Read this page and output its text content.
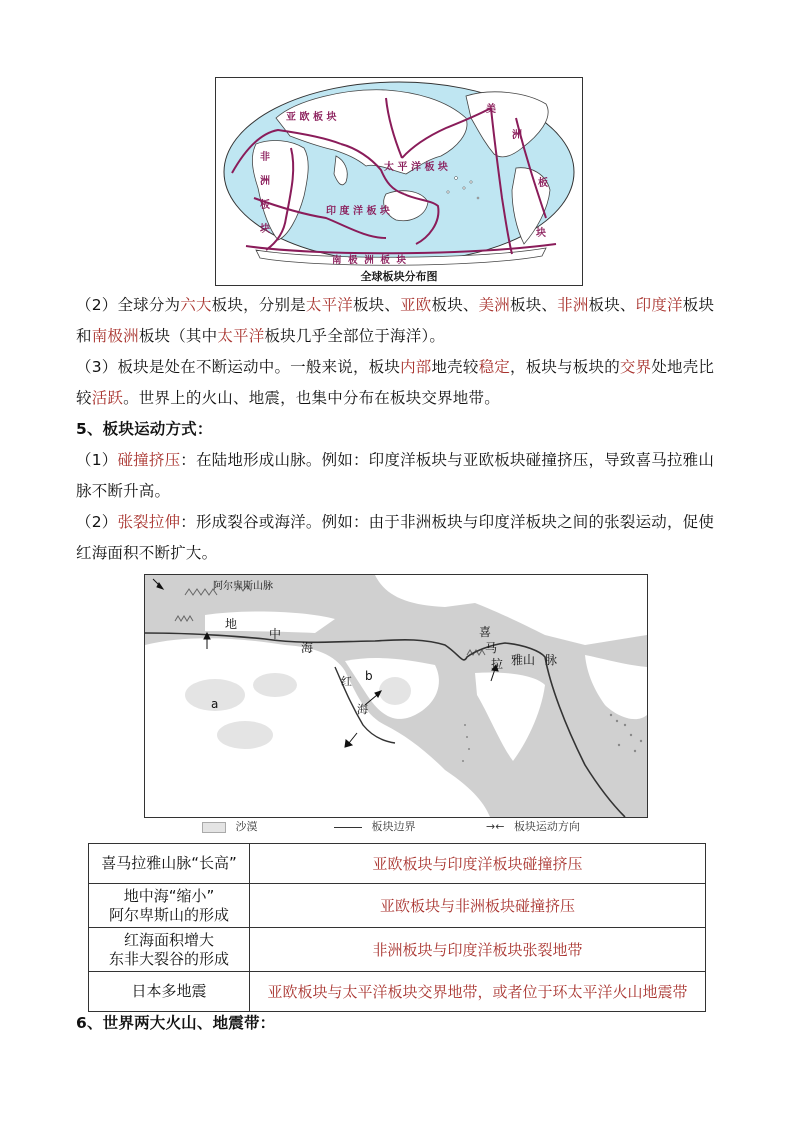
亚 欧 板 块
非
洲
板
块
太 平 洋 板 块
印 度 洋 板 块
美
洲
板
块
南  极  洲  板  块
全球板块分布图
（2）全球分为六大板块，分别是太平洋板块、亚欧板块、美洲板块、非洲板块、印度洋板块和南极洲板块（其中太平洋板块几乎全部位于海洋）。
（3）板块是处在不断运动中。一般来说，板块内部地壳较稳定，板块与板块的交界处地壳比较活跃。世界上的火山、地震，也集中分布在板块交界地带。
5、板块运动方式：
（1）碰撞挤压：在陆地形成山脉。例如：印度洋板块与亚欧板块碰撞挤压，导致喜马拉雅山脉不断升高。
（2）张裂拉伸：形成裂谷或海洋。例如：由于非洲板块与印度洋板块之间的张裂运动，促使红海面积不断扩大。
阿尔卑斯山脉
地
中
海
红
海
a
b
喜
马
拉 雅山 脉
沙漠	板块边界	→← 板块运动方向
喜马拉雅山脉“长高”	亚欧板块与印度洋板块碰撞挤压
地中海“缩小”
阿尔卑斯山的形成	亚欧板块与非洲板块碰撞挤压
红海面积增大
东非大裂谷的形成	非洲板块与印度洋板块张裂地带
日本多地震	亚欧板块与太平洋板块交界地带，或者位于环太平洋火山地震带
6、世界两大火山、地震带：
